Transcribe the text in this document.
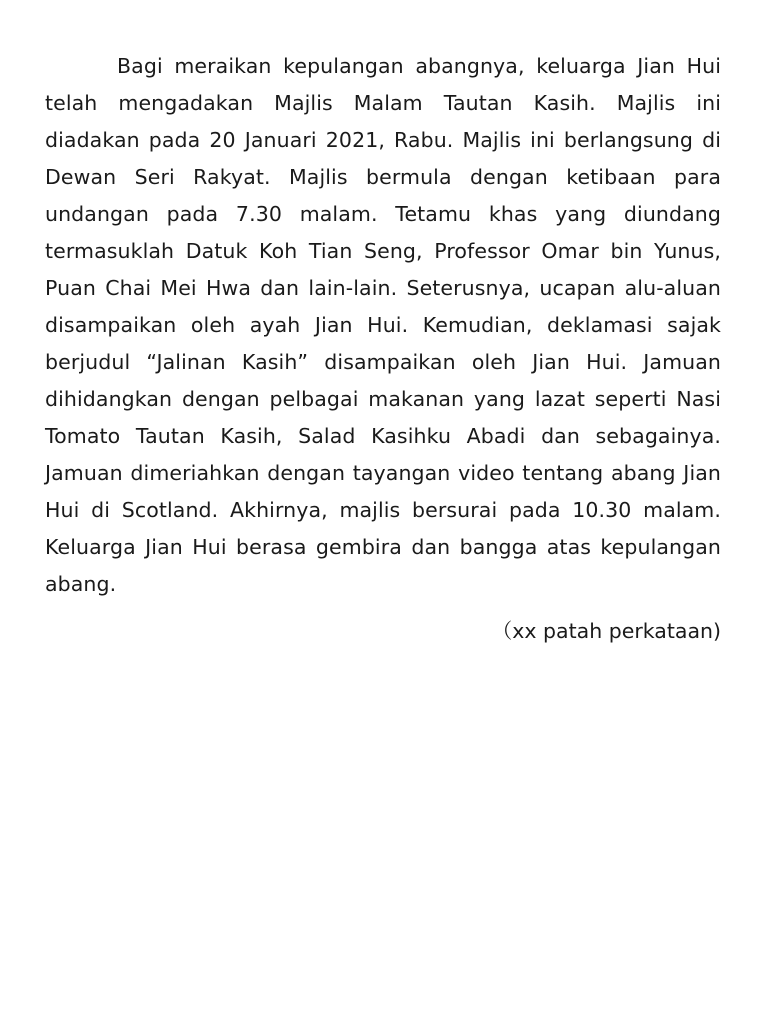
Bagi meraikan kepulangan abangnya, keluarga Jian Hui telah mengadakan Majlis Malam Tautan Kasih. Majlis ini diadakan pada 20 Januari 2021, Rabu. Majlis ini berlangsung di Dewan Seri Rakyat. Majlis bermula dengan ketibaan para undangan pada 7.30 malam. Tetamu khas yang diundang termasuklah Datuk Koh Tian Seng, Professor Omar bin Yunus, Puan Chai Mei Hwa dan lain-lain. Seterusnya, ucapan alu-aluan disampaikan oleh ayah Jian Hui. Kemudian, deklamasi sajak berjudul “Jalinan Kasih” disampaikan oleh Jian Hui. Jamuan dihidangkan dengan pelbagai makanan yang lazat seperti Nasi Tomato Tautan Kasih, Salad Kasihku Abadi dan sebagainya. Jamuan dimeriahkan dengan tayangan video tentang abang Jian Hui di Scotland. Akhirnya, majlis bersurai pada 10.30 malam. Keluarga Jian Hui berasa gembira dan bangga atas kepulangan abang.

（xx patah perkataan)
